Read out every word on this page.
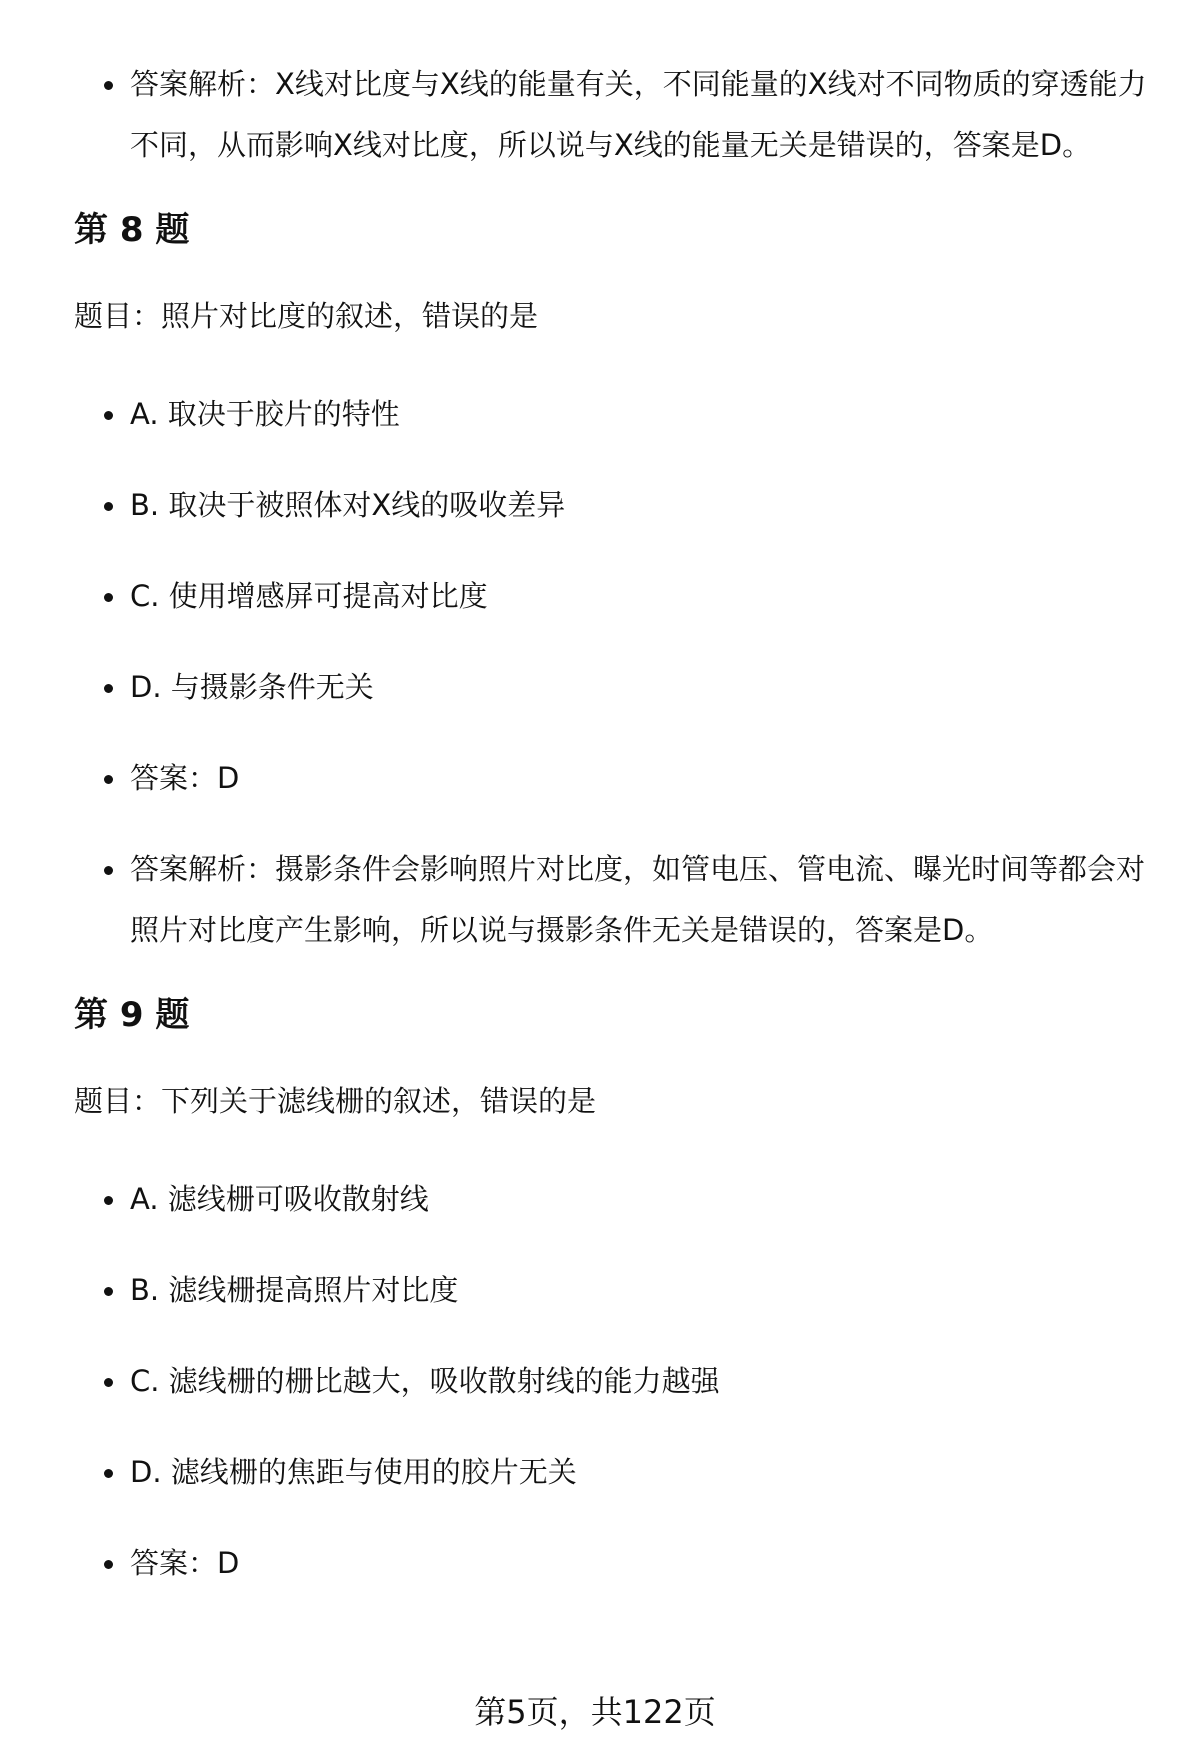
答案解析：X线对比度与X线的能量有关，不同能量的X线对不同物质的穿透能力不同，从而影响X线对比度，所以说与X线的能量无关是错误的，答案是D。
第 8 题
题目：照片对比度的叙述，错误的是
A. 取决于胶片的特性
B. 取决于被照体对X线的吸收差异
C. 使用增感屏可提高对比度
D. 与摄影条件无关
答案：D
答案解析：摄影条件会影响照片对比度，如管电压、管电流、曝光时间等都会对照片对比度产生影响，所以说与摄影条件无关是错误的，答案是D。
第 9 题
题目：下列关于滤线栅的叙述，错误的是
A. 滤线栅可吸收散射线
B. 滤线栅提高照片对比度
C. 滤线栅的栅比越大，吸收散射线的能力越强
D. 滤线栅的焦距与使用的胶片无关
答案：D
第5页，共122页
